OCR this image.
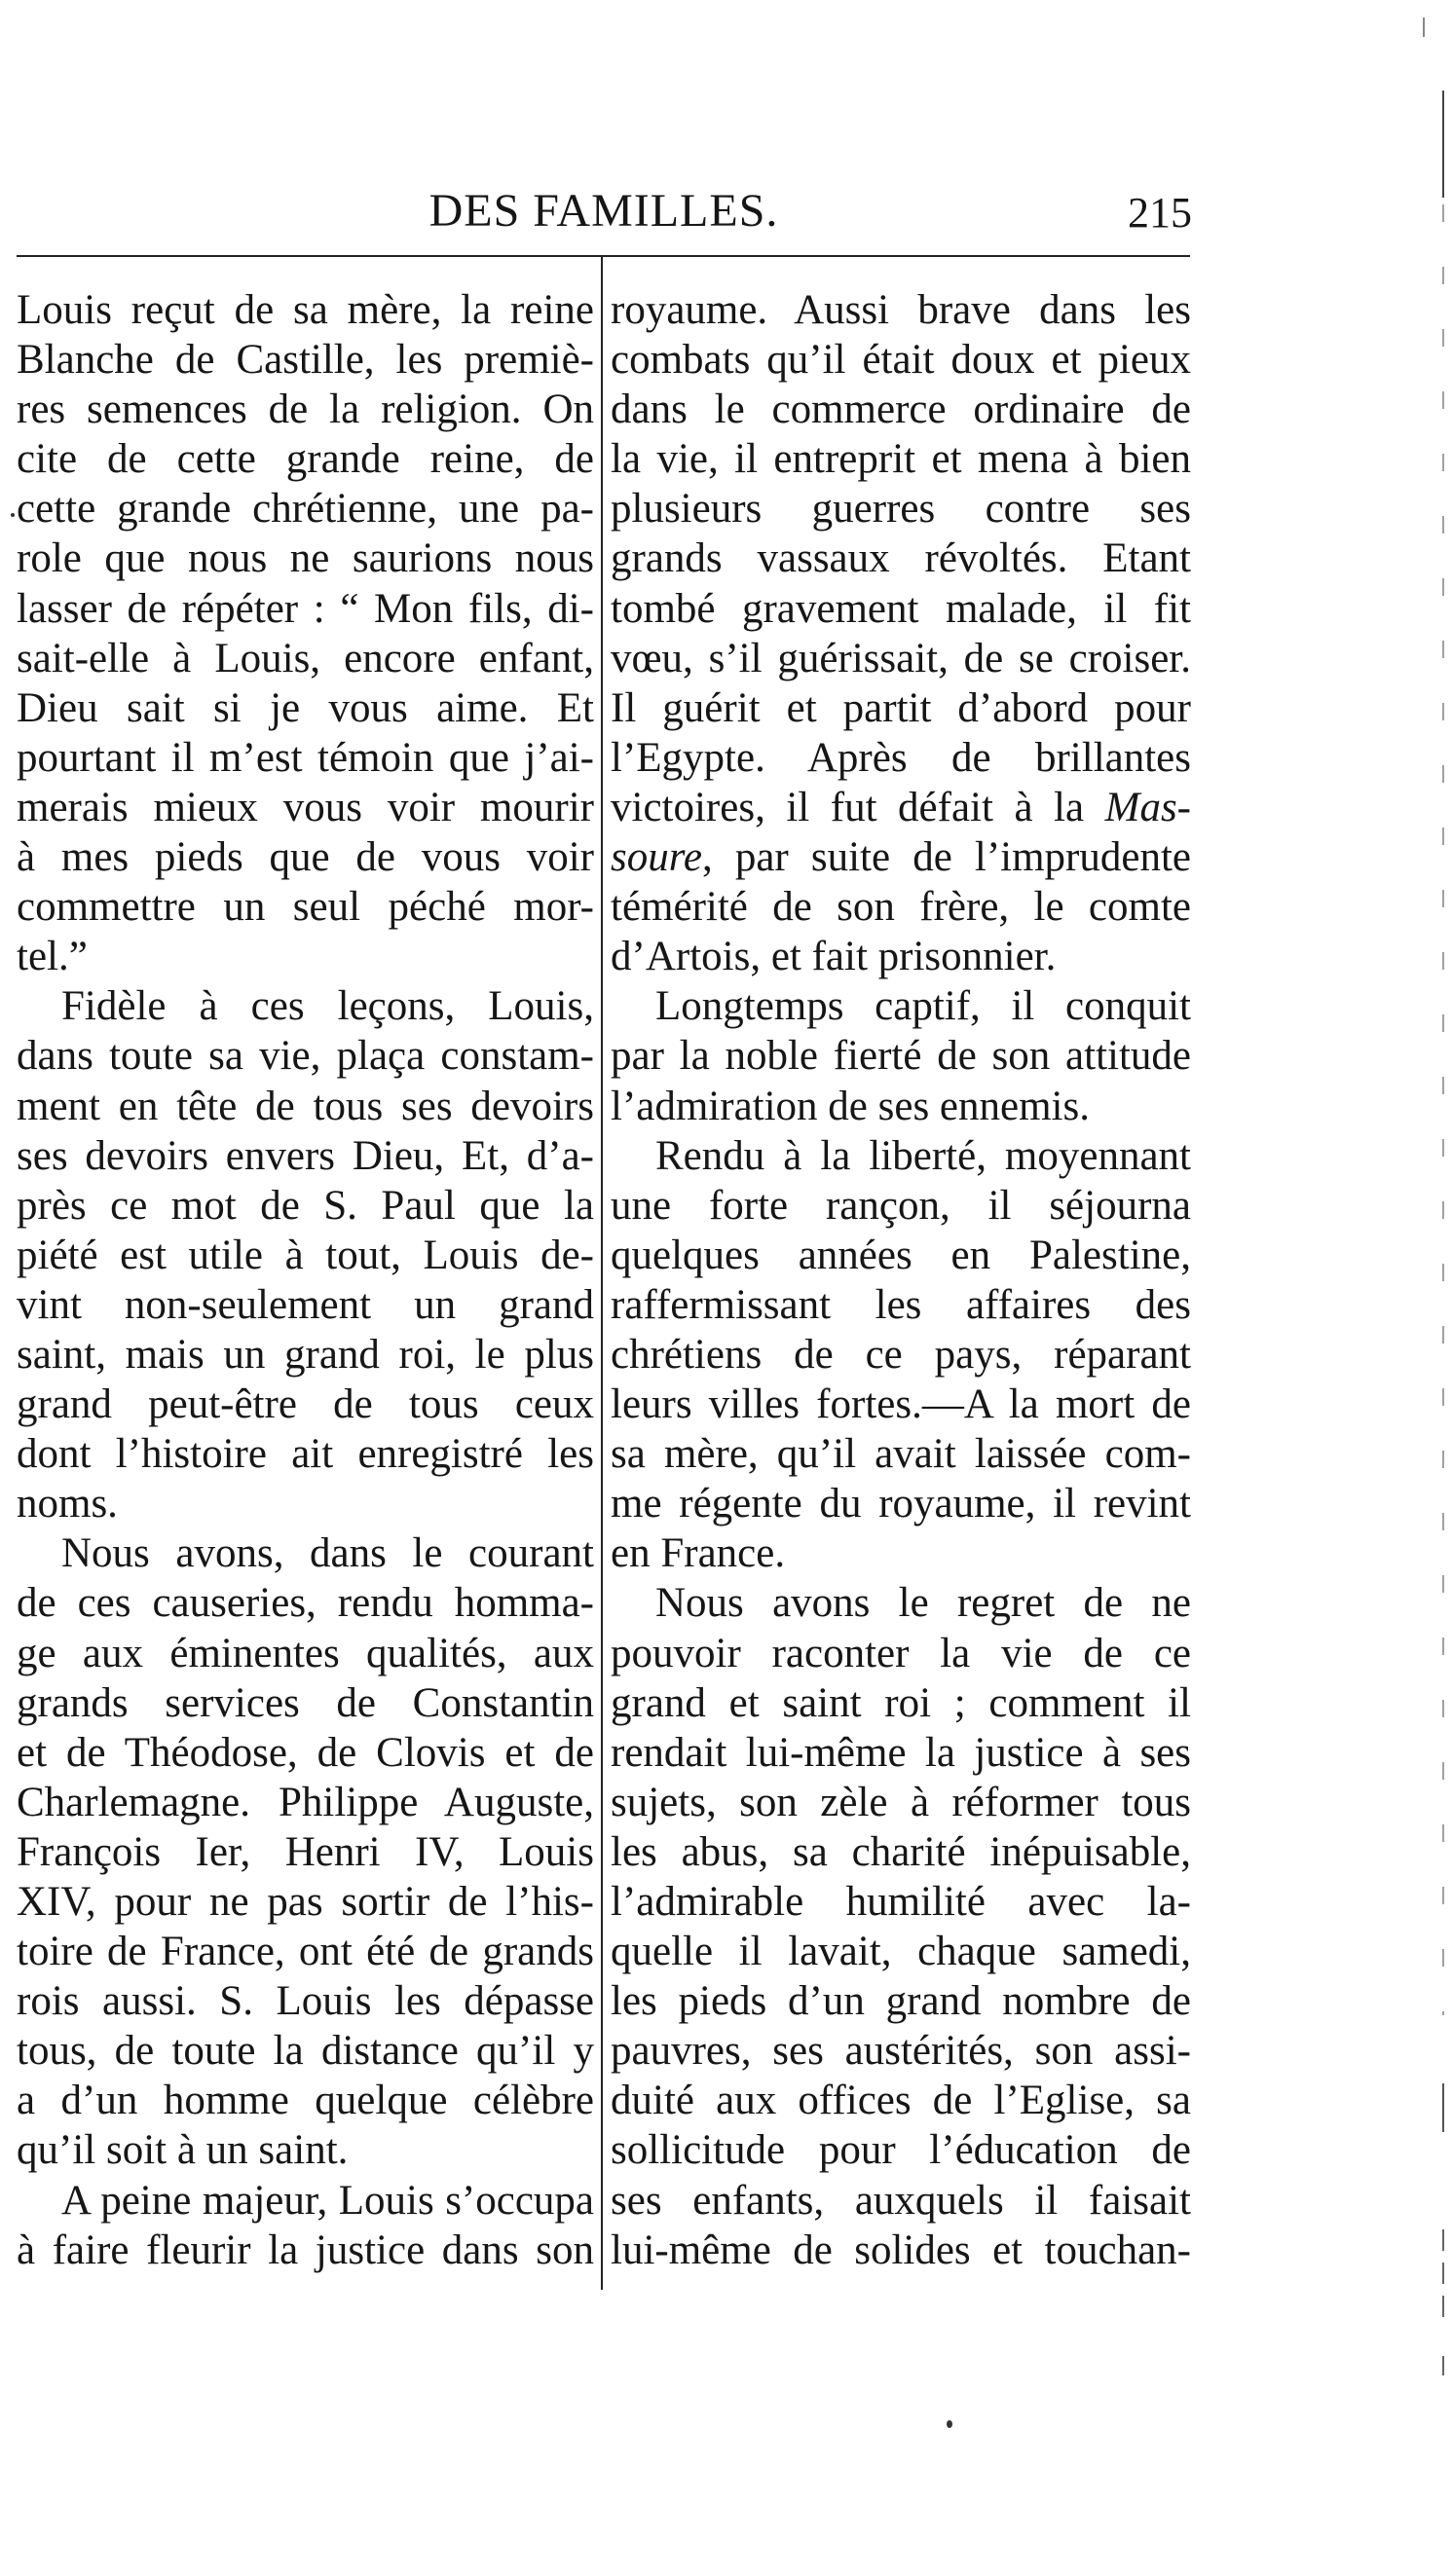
DES FAMILLES.	215
Louis reçut de sa mère, la reine
Blanche de Castille, les premiè-
res semences de la religion. On
cite de cette grande reine, de
cette grande chrétienne, une pa-
role que nous ne saurions nous
lasser de répéter : “ Mon fils, di-
sait-elle à Louis, encore enfant,
Dieu sait si je vous aime. Et
pourtant il m’est témoin que j’ai-
merais mieux vous voir mourir
à mes pieds que de vous voir
commettre un seul péché mor-
tel.”
Fidèle à ces leçons, Louis,
dans toute sa vie, plaça constam-
ment en tête de tous ses devoirs
ses devoirs envers Dieu, Et, d’a-
près ce mot de S. Paul que la
piété est utile à tout, Louis de-
vint non-seulement un grand
saint, mais un grand roi, le plus
grand peut-être de tous ceux
dont l’histoire ait enregistré les
noms.
Nous avons, dans le courant
de ces causeries, rendu homma-
ge aux éminentes qualités, aux
grands services de Constantin
et de Théodose, de Clovis et de
Charlemagne. Philippe Auguste,
François Ier, Henri IV, Louis
XIV, pour ne pas sortir de l’his-
toire de France, ont été de grands
rois aussi. S. Louis les dépasse
tous, de toute la distance qu’il y
a d’un homme quelque célèbre
qu’il soit à un saint.
A peine majeur, Louis s’occupa
à faire fleurir la justice dans son
royaume. Aussi brave dans les
combats qu’il était doux et pieux
dans le commerce ordinaire de
la vie, il entreprit et mena à bien
plusieurs guerres contre ses
grands vassaux révoltés. Etant
tombé gravement malade, il fit
vœu, s’il guérissait, de se croiser.
Il guérit et partit d’abord pour
l’Egypte. Après de brillantes
victoires, il fut défait à la Mas-
soure, par suite de l’imprudente
témérité de son frère, le comte
d’Artois, et fait prisonnier.
Longtemps captif, il conquit
par la noble fierté de son attitude
l’admiration de ses ennemis.
Rendu à la liberté, moyennant
une forte rançon, il séjourna
quelques années en Palestine,
raffermissant les affaires des
chrétiens de ce pays, réparant
leurs villes fortes.—A la mort de
sa mère, qu’il avait laissée com-
me régente du royaume, il revint
en France.
Nous avons le regret de ne
pouvoir raconter la vie de ce
grand et saint roi ; comment il
rendait lui-même la justice à ses
sujets, son zèle à réformer tous
les abus, sa charité inépuisable,
l’admirable humilité avec la-
quelle il lavait, chaque samedi,
les pieds d’un grand nombre de
pauvres, ses austérités, son assi-
duité aux offices de l’Eglise, sa
sollicitude pour l’éducation de
ses enfants, auxquels il faisait
lui-même de solides et touchan-
